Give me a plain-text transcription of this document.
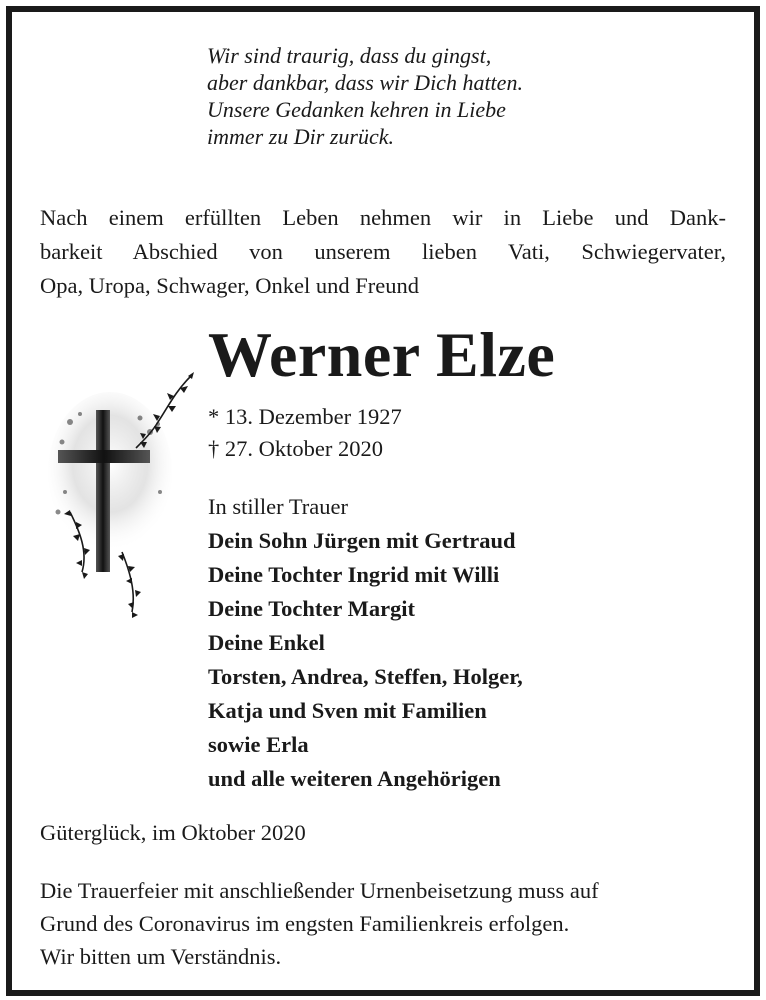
Wir sind traurig, dass du gingst,
aber dankbar, dass wir Dich hatten.
Unsere Gedanken kehren in Liebe
immer zu Dir zurück.
Nach einem erfüllten Leben nehmen wir in Liebe und Dank-
barkeit Abschied von unserem lieben Vati, Schwiegervater,
Opa, Uropa, Schwager, Onkel und Freund
Werner Elze
* 13. Dezember 1927
† 27. Oktober 2020
In stiller Trauer
Dein Sohn Jürgen mit Gertraud
Deine Tochter Ingrid mit Willi
Deine Tochter Margit
Deine Enkel
Torsten, Andrea, Steffen, Holger,
Katja und Sven mit Familien
sowie Erla
und alle weiteren Angehörigen
Güterglück, im Oktober 2020
Die Trauerfeier mit anschließender Urnenbeisetzung muss auf
Grund des Coronavirus im engsten Familienkreis erfolgen.
Wir bitten um Verständnis.
